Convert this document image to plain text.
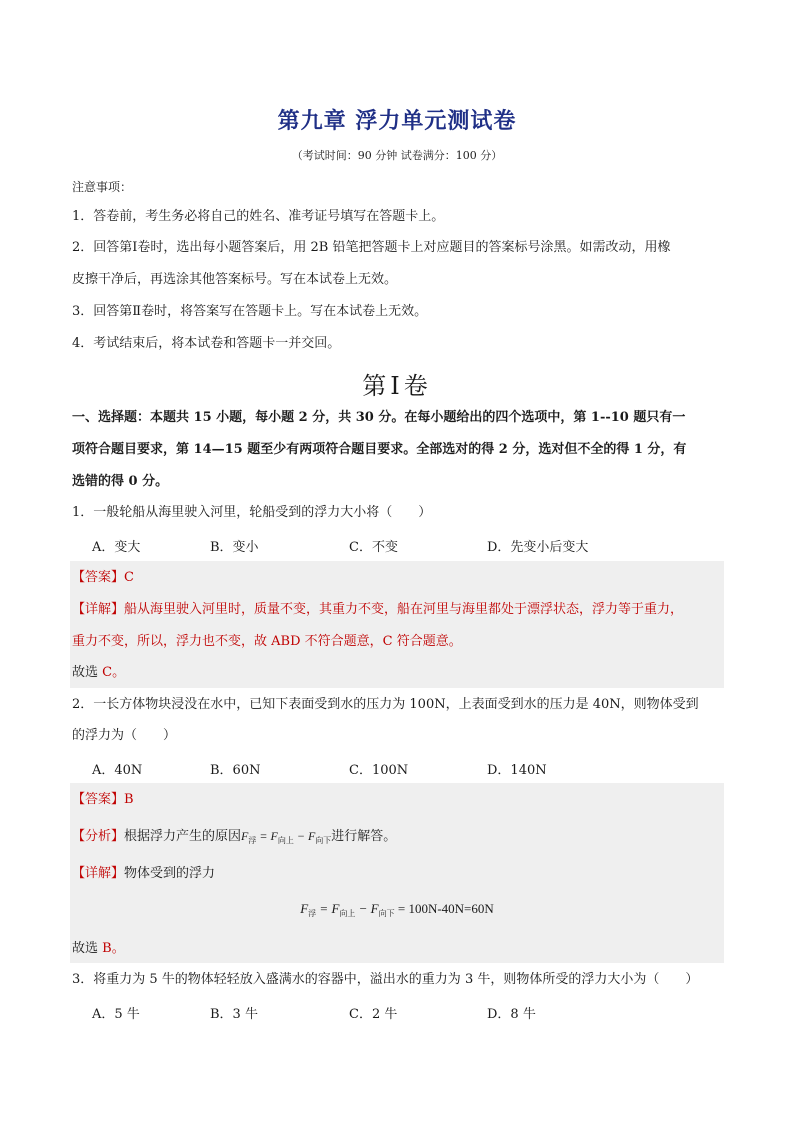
第九章 浮力单元测试卷
（考试时间：90 分钟 试卷满分：100 分）
注意事项：
1．答卷前，考生务必将自己的姓名、准考证号填写在答题卡上。
2．回答第Ⅰ卷时，选出每小题答案后，用 2B 铅笔把答题卡上对应题目的答案标号涂黑。如需改动，用橡
皮擦干净后，再选涂其他答案标号。写在本试卷上无效。
3．回答第Ⅱ卷时，将答案写在答题卡上。写在本试卷上无效。
4．考试结束后，将本试卷和答题卡一并交回。
第Ⅰ卷
一、选择题：本题共 15 小题，每小题 2 分，共 30 分。在每小题给出的四个选项中，第 1--10 题只有一
项符合题目要求，第 14—15 题至少有两项符合题目要求。全部选对的得 2 分，选对但不全的得 1 分，有
选错的得 0 分。
1．一般轮船从海里驶入河里，轮船受到的浮力大小将（　　）
A．变大	B．变小	C．不变	D．先变小后变大
【答案】C
【详解】船从海里驶入河里时，质量不变，其重力不变，船在河里与海里都处于漂浮状态，浮力等于重力，
重力不变，所以，浮力也不变，故 ABD 不符合题意，C 符合题意。
故选 C。
2．一长方体物块浸没在水中，已知下表面受到水的压力为 100N，上表面受到水的压力是 40N，则物体受到
的浮力为（　　）
A．40N	B．60N	C．100N	D．140N
【答案】B
【分析】根据浮力产生的原因$F_浮 = F_{向上} - F_{向下}$进行解答。
【详解】物体受到的浮力
$F_浮 = F_{向上} - F_{向下} = 100N-40N=60N$
故选 B。
3．将重力为 5 牛的物体轻轻放入盛满水的容器中，溢出水的重力为 3 牛，则物体所受的浮力大小为（　　）
A．5 牛	B．3 牛	C．2 牛	D．8 牛
